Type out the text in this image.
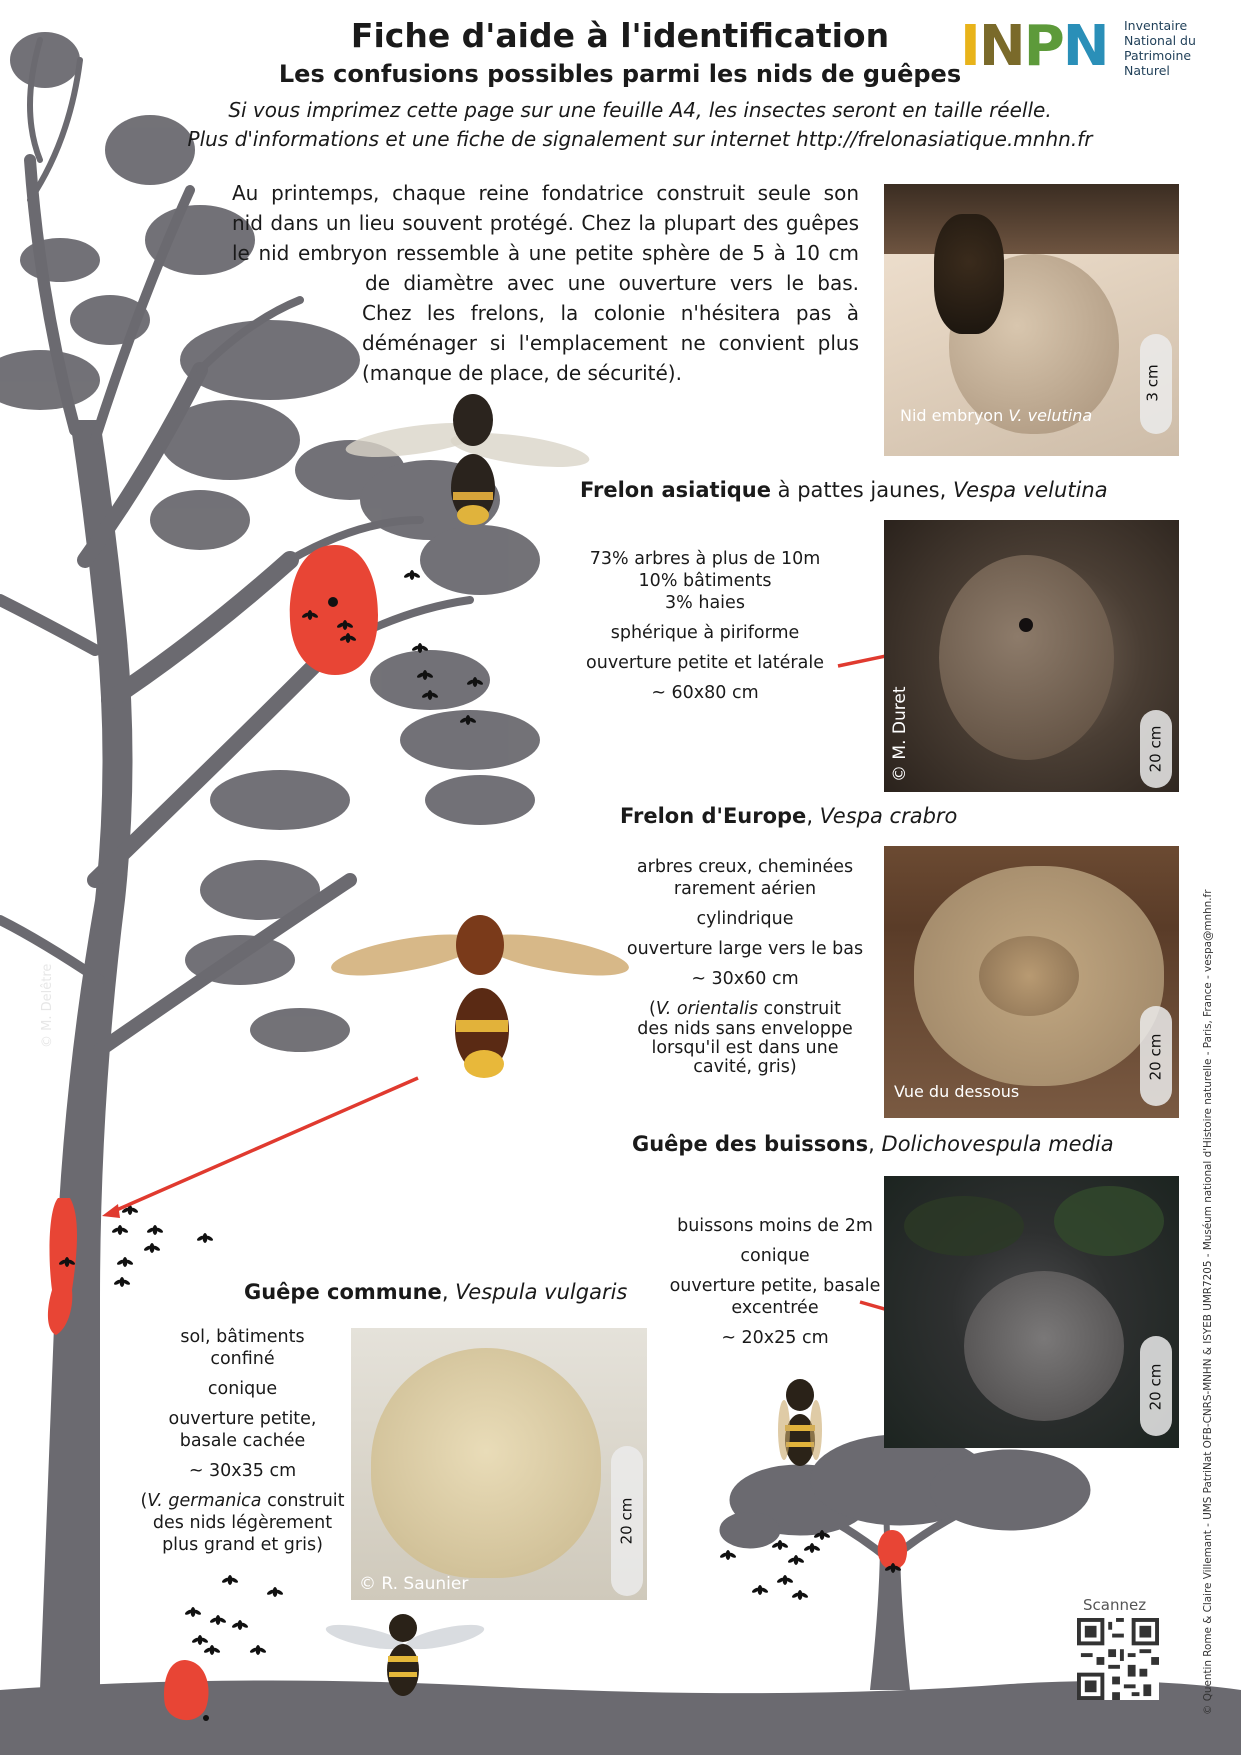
Fiche d'aide à l'identification
Les confusions possibles parmi les nids de guêpes
Si vous imprimez cette page sur une feuille A4, les insectes seront en taille réelle.
Plus d'informations et une fiche de signalement sur internet http://frelonasiatique.mnhn.fr
INPN Inventaire
National du
Patrimoine
Naturel

Au printemps, chaque reine fondatrice construit seule son

nid dans un lieu souvent protégé. Chez la plupart des guêpes

le nid embryon ressemble à une petite sphère de 5 à 10 cm

de diamètre avec une ouverture vers le bas.

Chez les frelons, la colonie n'hésitera pas à

déménager si l'emplacement ne convient plus

(manque de place, de sécurité).

Nid embryon V. velutina
3 cm
Frelon asiatique à pattes jaunes, Vespa velutina
73% arbres à plus de 10m
10% bâtiments
3% haies
sphérique à piriforme
ouverture petite et latérale
~ 60x80 cm	© M. Duret	20 cm
Frelon d'Europe, Vespa crabro
arbres creux, cheminées
rarement aérien
cylindrique
ouverture large vers le bas
~ 30x60 cm
(V. orientalis construit
des nids sans enveloppe
lorsqu'il est dans une
cavité, gris)
Vue du dessous
20 cm
Guêpe des buissons, Dolichovespula media
buissons moins de 2m
conique
ouverture petite, basale
excentrée
~ 20x25 cm
20 cm
Guêpe commune, Vespula vulgaris
sol, bâtiments
confiné
conique
ouverture petite,
basale cachée
~ 30x35 cm
(V. germanica construit
des nids légèrement
plus grand et gris)
© R. Saunier
20 cm
© M. Delêtre	© Quentin Rome & Claire Villemant - UMS PatriNat OFB-CNRS-MNHN & ISYEB UMR7205 - Muséum national d'Histoire naturelle - Paris, France - vespa@mnhn.fr
Scannez
